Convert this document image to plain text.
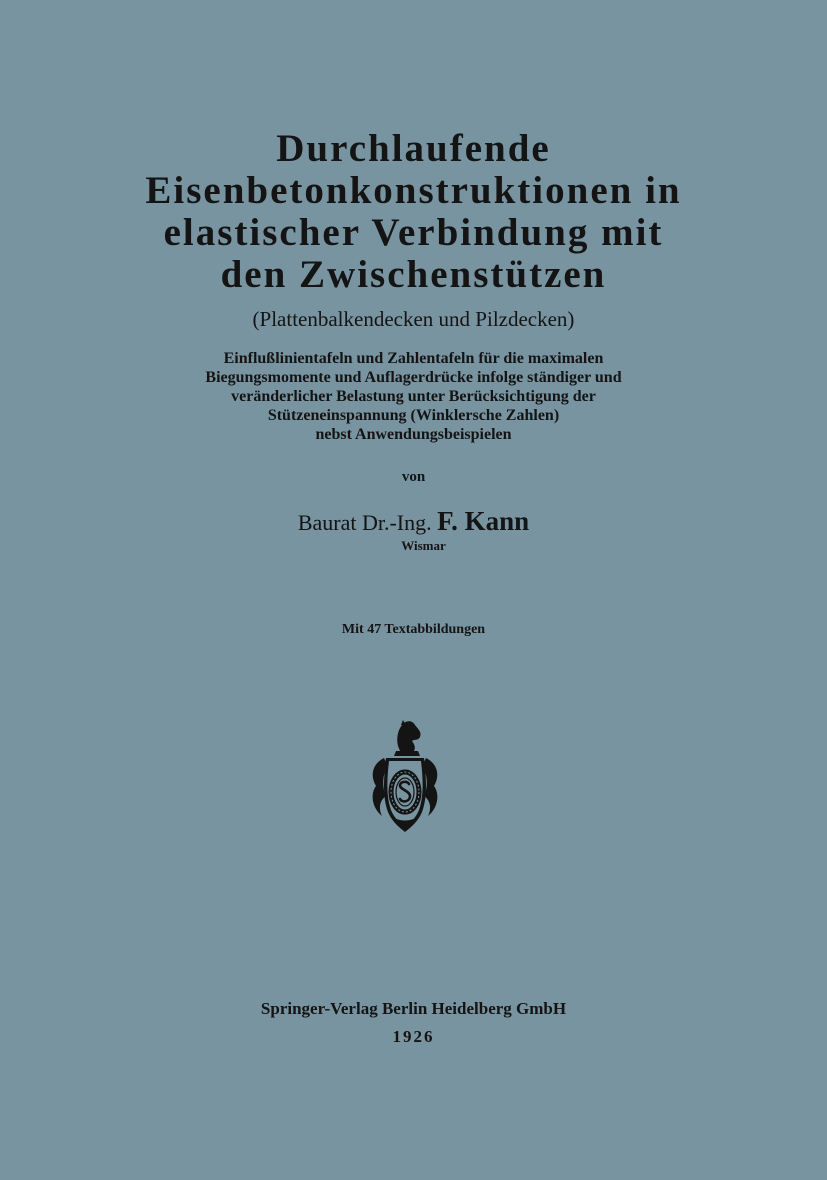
Durchlaufende
Eisenbetonkonstruktionen in
elastischer Verbindung mit
den Zwischenstützen
(Plattenbalkendecken und Pilzdecken)
Einflußlinientafeln und Zahlentafeln für die maximalen
Biegungsmomente und Auflagerdrücke infolge ständiger und
veränderlicher Belastung unter Berücksichtigung der
Stützeneinspannung (Winklersche Zahlen)
nebst Anwendungsbeispielen
von
Baurat Dr.-Ing. F. Kann
Wismar
Mit 47 Textabbildungen
Springer-Verlag Berlin Heidelberg GmbH
1926
